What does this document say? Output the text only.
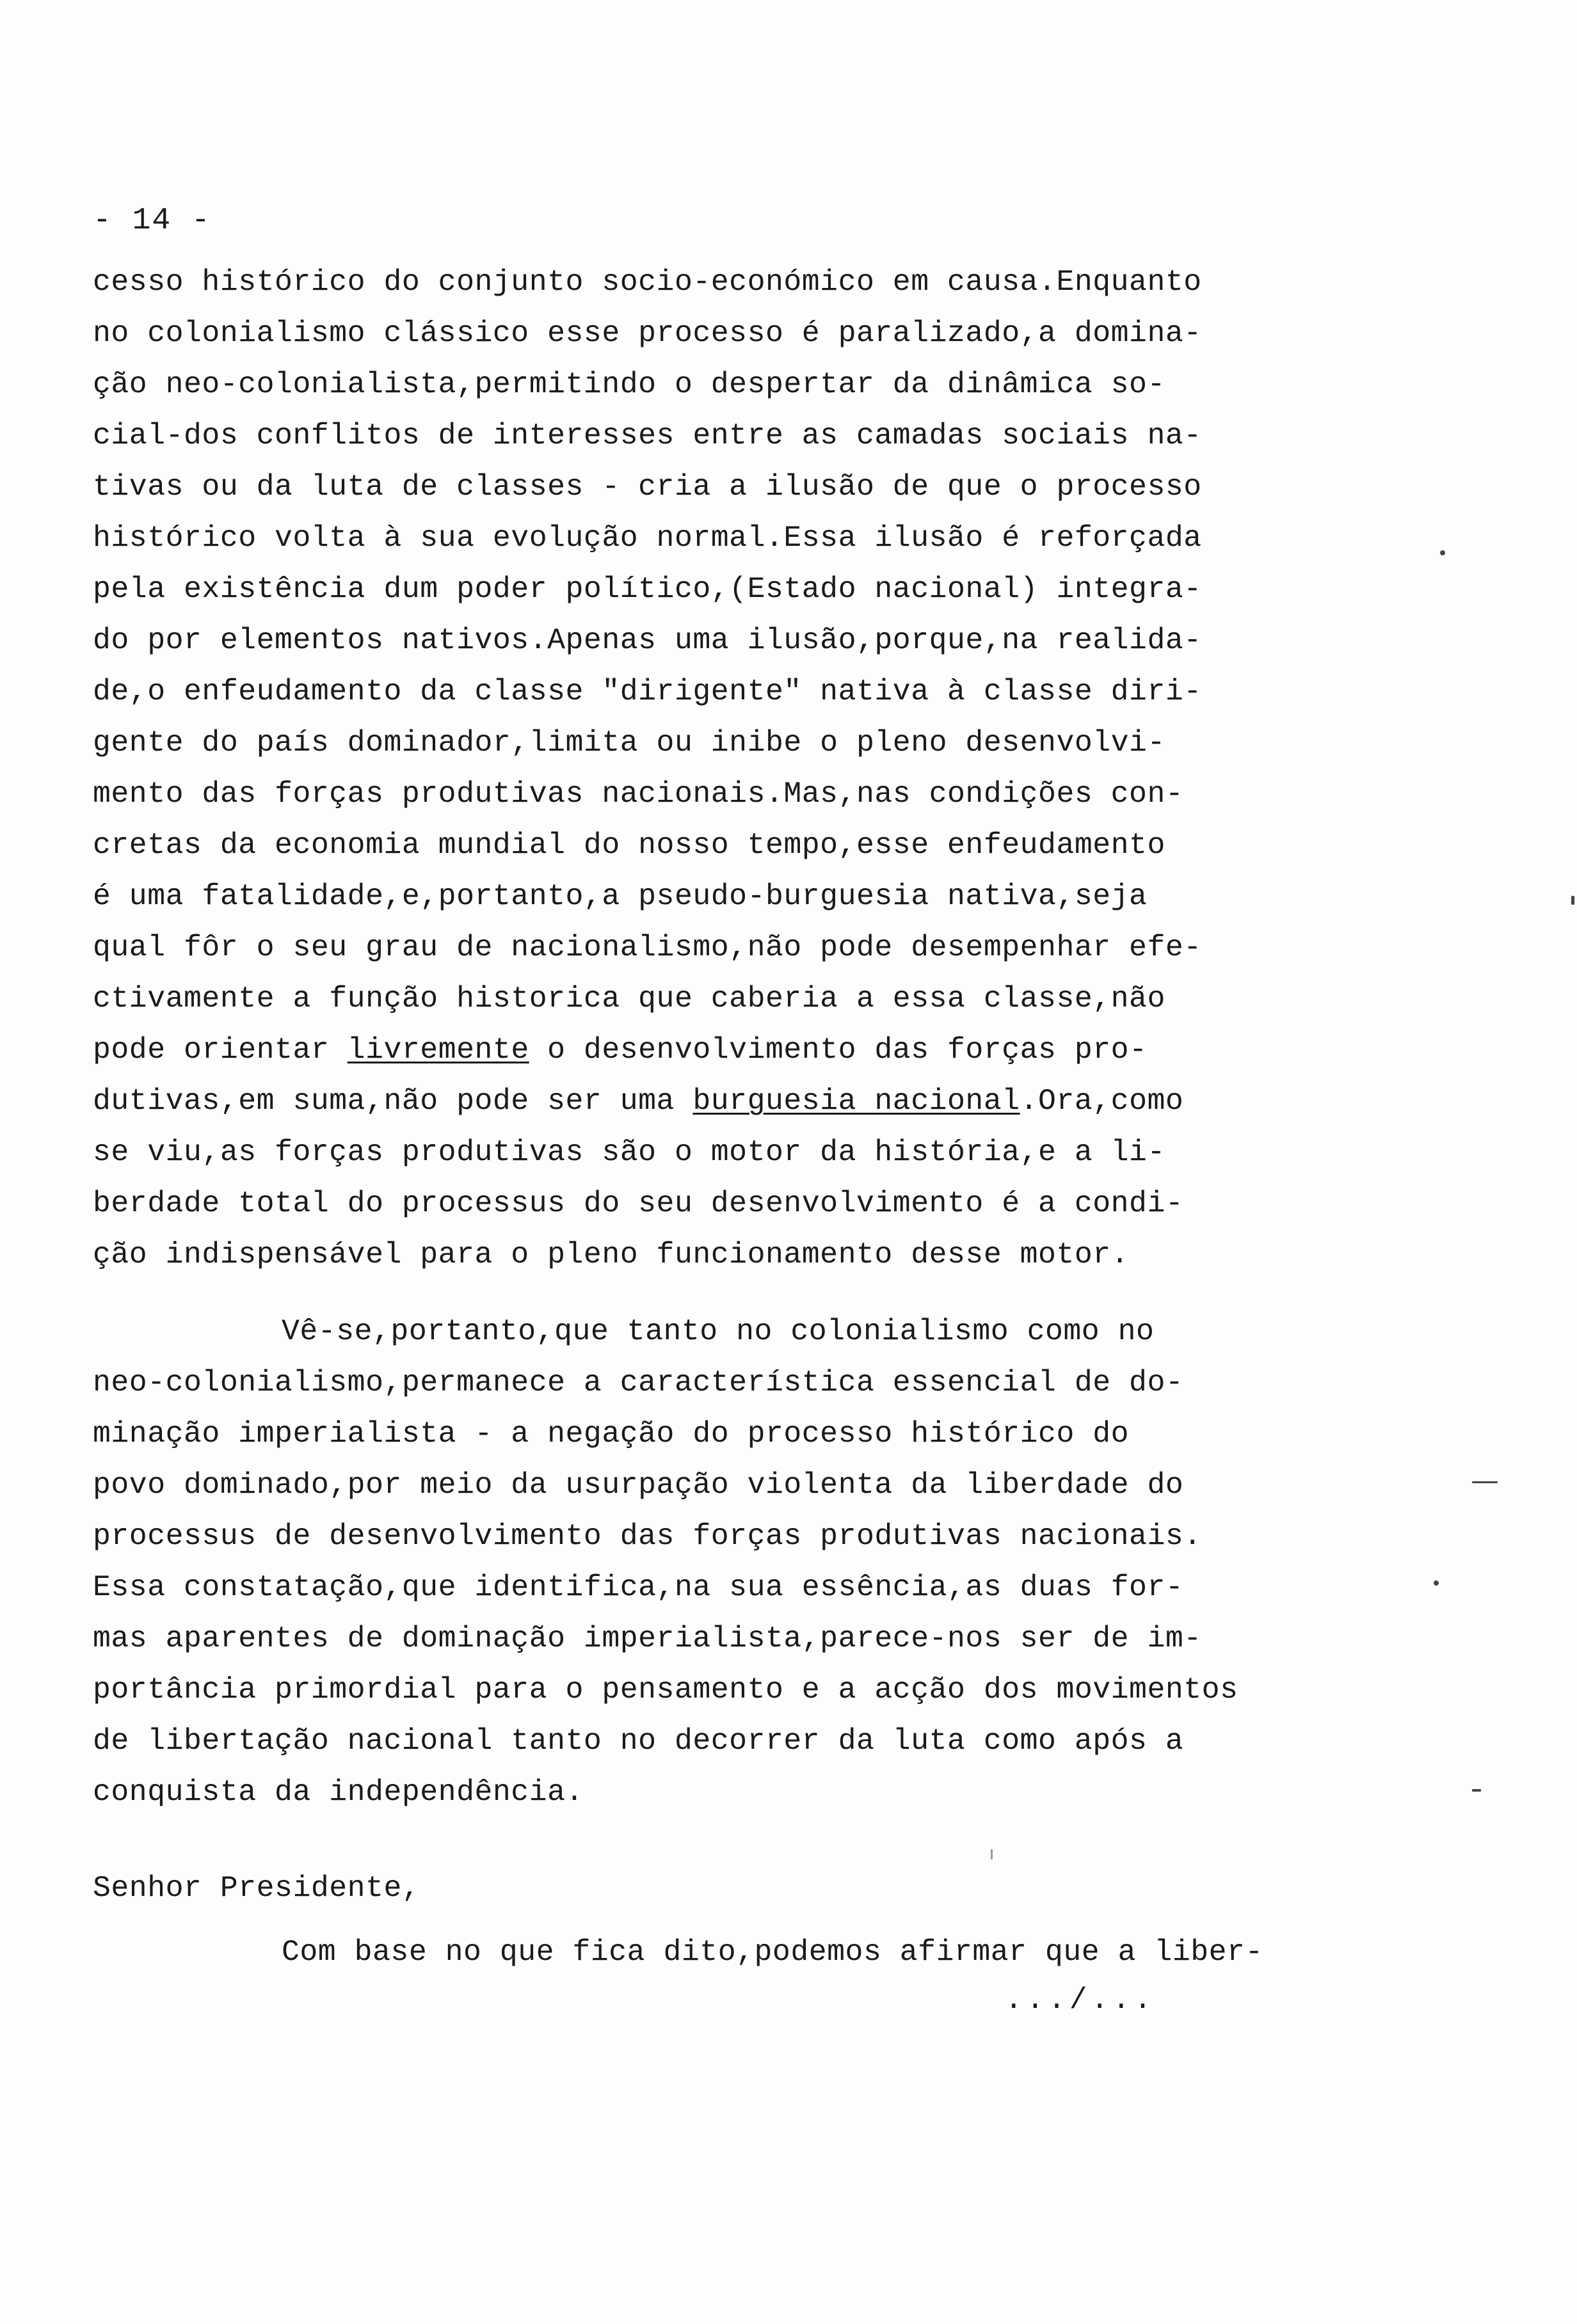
- 14 -
cesso histórico do conjunto socio-económico em causa.Enquanto
no colonialismo clássico esse processo é paralizado,a domina-
ção neo-colonialista,permitindo o despertar da dinâmica so-
cial-dos conflitos de interesses entre as camadas sociais na-
tivas ou da luta de classes - cria a ilusão de que o processo
histórico volta à sua evolução normal.Essa ilusão é reforçada
pela existência dum poder político,(Estado nacional) integra-
do por elementos nativos.Apenas uma ilusão,porque,na realida-
de,o enfeudamento da classe "dirigente" nativa à classe diri-
gente do país dominador,limita ou inibe o pleno desenvolvi-
mento das forças produtivas nacionais.Mas,nas condições con-
cretas da economia mundial do nosso tempo,esse enfeudamento
é uma fatalidade,e,portanto,a pseudo-burguesia nativa,seja
qual fôr o seu grau de nacionalismo,não pode desempenhar efe-
ctivamente a função historica que caberia a essa classe,não
pode orientar livremente o desenvolvimento das forças pro-
dutivas,em suma,não pode ser uma burguesia nacional.Ora,como
se viu,as forças produtivas são o motor da história,e a li-
berdade total do processus do seu desenvolvimento é a condi-
ção indispensável para o pleno funcionamento desse motor.
Vê-se,portanto,que tanto no colonialismo como no
neo-colonialismo,permanece a característica essencial de do-
minação imperialista - a negação do processo histórico do
povo dominado,por meio da usurpação violenta da liberdade do
processus de desenvolvimento das forças produtivas nacionais.
Essa constatação,que identifica,na sua essência,as duas for-
mas aparentes de dominação imperialista,parece-nos ser de im-
portância primordial para o pensamento e a acção dos movimentos
de libertação nacional tanto no decorrer da luta como após a
conquista da independência.
Senhor Presidente,
Com base no que fica dito,podemos afirmar que a liber-
.../...
